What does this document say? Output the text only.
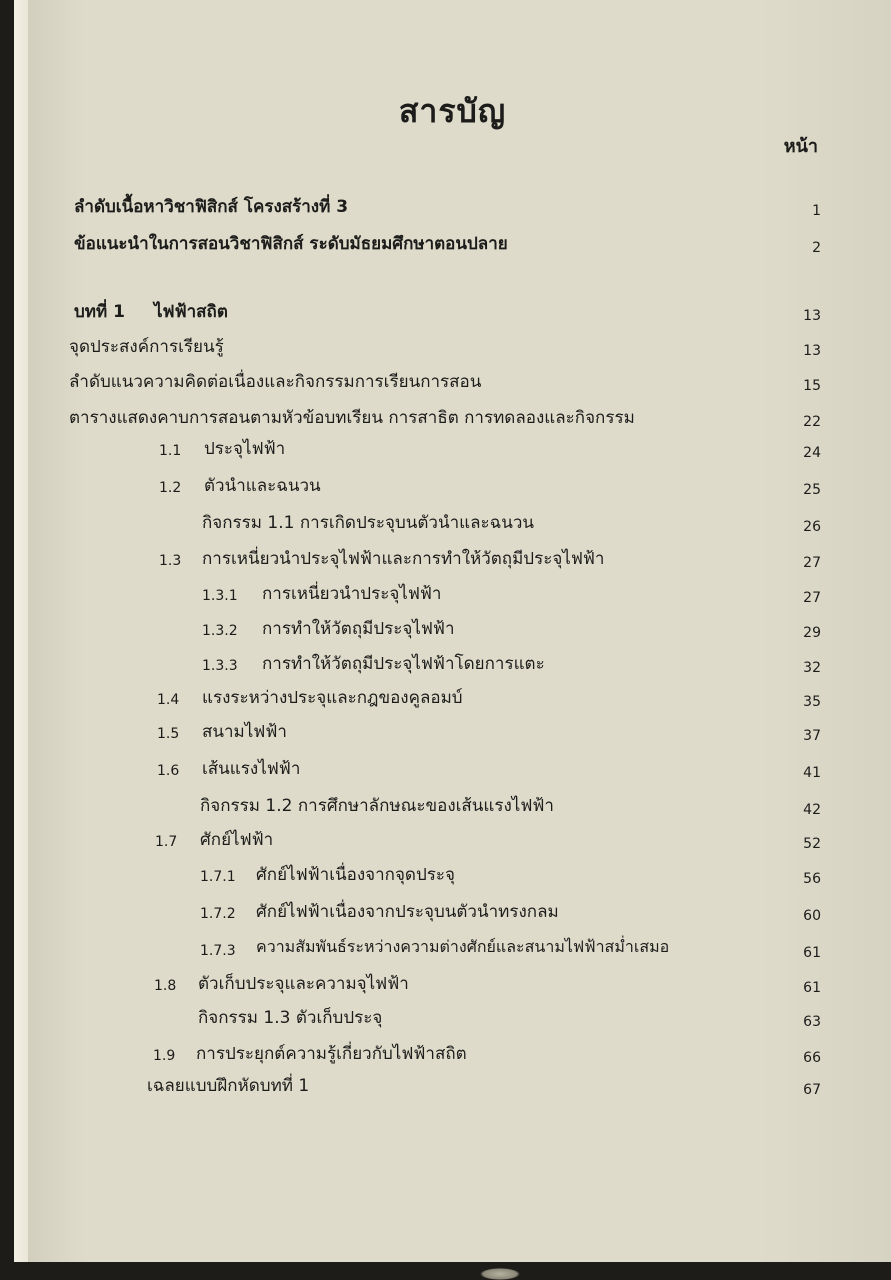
สารบัญ
หน้า
ลำดับเนื้อหาวิชาฟิสิกส์ โครงสร้างที่ 3	1
ข้อแนะนำในการสอนวิชาฟิสิกส์ ระดับมัธยมศึกษาตอนปลาย	2
บทที่ 1 ไฟฟ้าสถิต	13
จุดประสงค์การเรียนรู้	13
ลำดับแนวความคิดต่อเนื่องและกิจกรรมการเรียนการสอน	15
ตารางแสดงคาบการสอนตามหัวข้อบทเรียน การสาธิต การทดลองและกิจกรรม	22
1.1 ประจุไฟฟ้า	24
1.2 ตัวนำและฉนวน	25
กิจกรรม 1.1 การเกิดประจุบนตัวนำและฉนวน	26
1.3 การเหนี่ยวนำประจุไฟฟ้าและการทำให้วัตถุมีประจุไฟฟ้า	27
1.3.1 การเหนี่ยวนำประจุไฟฟ้า	27
1.3.2 การทำให้วัตถุมีประจุไฟฟ้า	29
1.3.3 การทำให้วัตถุมีประจุไฟฟ้าโดยการแตะ	32
1.4 แรงระหว่างประจุและกฎของคูลอมบ์	35
1.5 สนามไฟฟ้า	37
1.6 เส้นแรงไฟฟ้า	41
กิจกรรม 1.2 การศึกษาลักษณะของเส้นแรงไฟฟ้า	42
1.7 ศักย์ไฟฟ้า	52
1.7.1 ศักย์ไฟฟ้าเนื่องจากจุดประจุ	56
1.7.2 ศักย์ไฟฟ้าเนื่องจากประจุบนตัวนำทรงกลม	60
1.7.3 ความสัมพันธ์ระหว่างความต่างศักย์และสนามไฟฟ้าสม่ำเสมอ	61
1.8 ตัวเก็บประจุและความจุไฟฟ้า	61
กิจกรรม 1.3 ตัวเก็บประจุ	63
1.9 การประยุกต์ความรู้เกี่ยวกับไฟฟ้าสถิต	66
เฉลยแบบฝึกหัดบทที่ 1	67
